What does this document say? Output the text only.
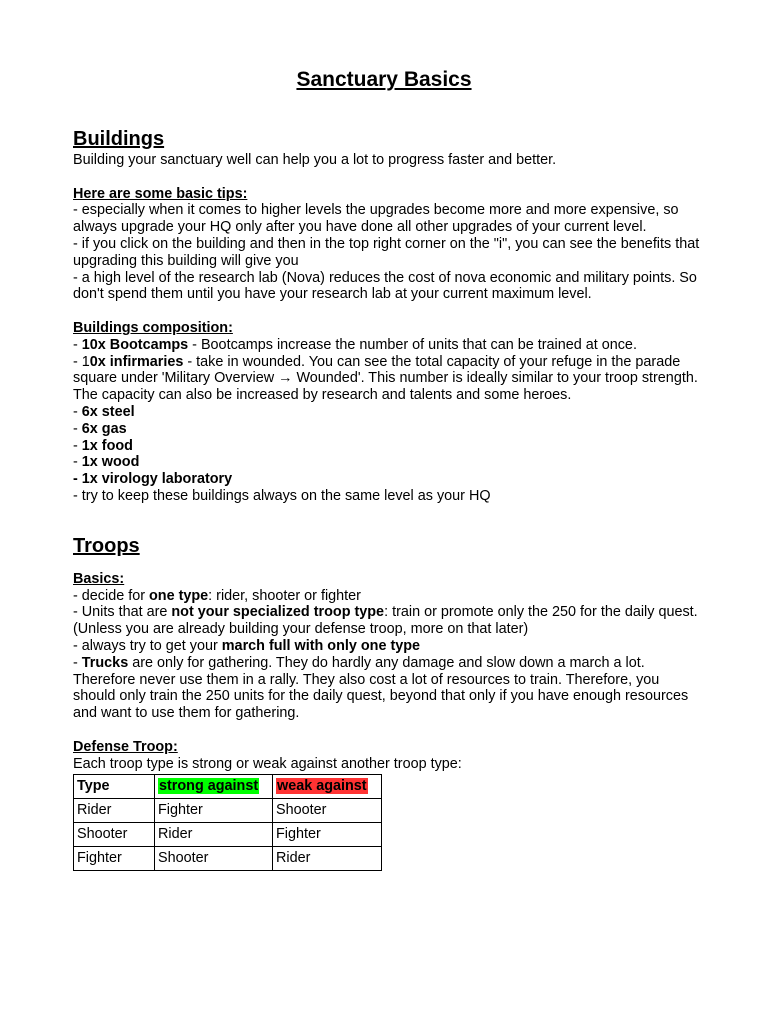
Sanctuary Basics
Buildings

Building your sanctuary well can help you a lot to progress faster and better.

Here are some basic tips:

- especially when it comes to higher levels the upgrades become more and more expensive, so always upgrade your HQ only after you have done all other upgrades of your current level.

- if you click on the building and then in the top right corner on the "i", you can see the benefits that upgrading this building will give you

- a high level of the research lab (Nova) reduces the cost of nova economic and military points. So don't spend them until you have your research lab at your current maximum level.

Buildings composition:

- 10x Bootcamps - Bootcamps increase the number of units that can be trained at once.

- 10x infirmaries - take in wounded. You can see the total capacity of your refuge in the parade square under 'Military Overview → Wounded'. This number is ideally similar to your troop strength. The capacity can also be increased by research and talents and some heroes.

- 6x steel

- 6x gas

- 1x food

- 1x wood

- 1x virology laboratory

- try to keep these buildings always on the same level as your HQ

Troops

Basics:

- decide for one type: rider, shooter or fighter

- Units that are not your specialized troop type: train or promote only the 250 for the daily quest. (Unless you are already building your defense troop, more on that later)

- always try to get your march full with only one type

- Trucks are only for gathering. They do hardly any damage and slow down a march a lot. Therefore never use them in a rally. They also cost a lot of resources to train. Therefore, you should only train the 250 units for the daily quest, beyond that only if you have enough resources and want to use them for gathering.

Defense Troop:

Each troop type is strong or weak against another troop type:

Type	strong against	weak against
Rider	Fighter	Shooter
Shooter	Rider	Fighter
Fighter	Shooter	Rider
